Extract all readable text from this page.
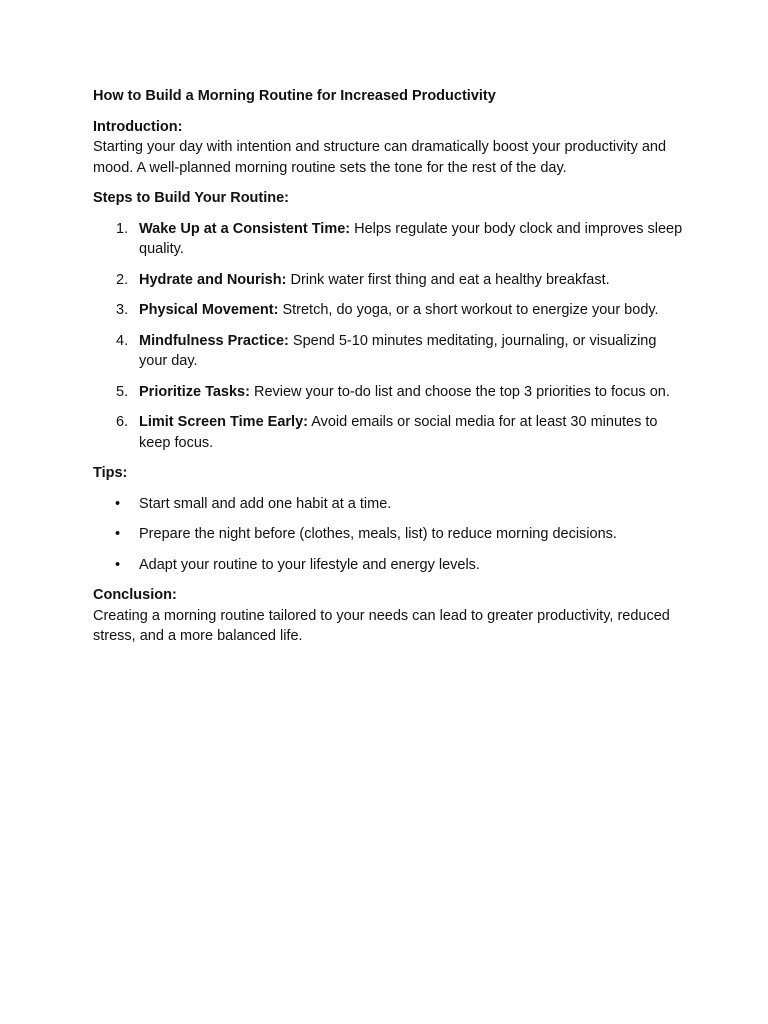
How to Build a Morning Routine for Increased Productivity

Introduction:

Starting your day with intention and structure can dramatically boost your productivity and mood. A well-planned morning routine sets the tone for the rest of the day.

Steps to Build Your Routine:

1. Wake Up at a Consistent Time: Helps regulate your body clock and improves sleep quality.
2. Hydrate and Nourish: Drink water first thing and eat a healthy breakfast.
3. Physical Movement: Stretch, do yoga, or a short workout to energize your body.
4. Mindfulness Practice: Spend 5-10 minutes meditating, journaling, or visualizing your day.
5. Prioritize Tasks: Review your to-do list and choose the top 3 priorities to focus on.
6. Limit Screen Time Early: Avoid emails or social media for at least 30 minutes to keep focus.

Tips:

• Start small and add one habit at a time.
• Prepare the night before (clothes, meals, list) to reduce morning decisions.
• Adapt your routine to your lifestyle and energy levels.

Conclusion:

Creating a morning routine tailored to your needs can lead to greater productivity, reduced stress, and a more balanced life.
